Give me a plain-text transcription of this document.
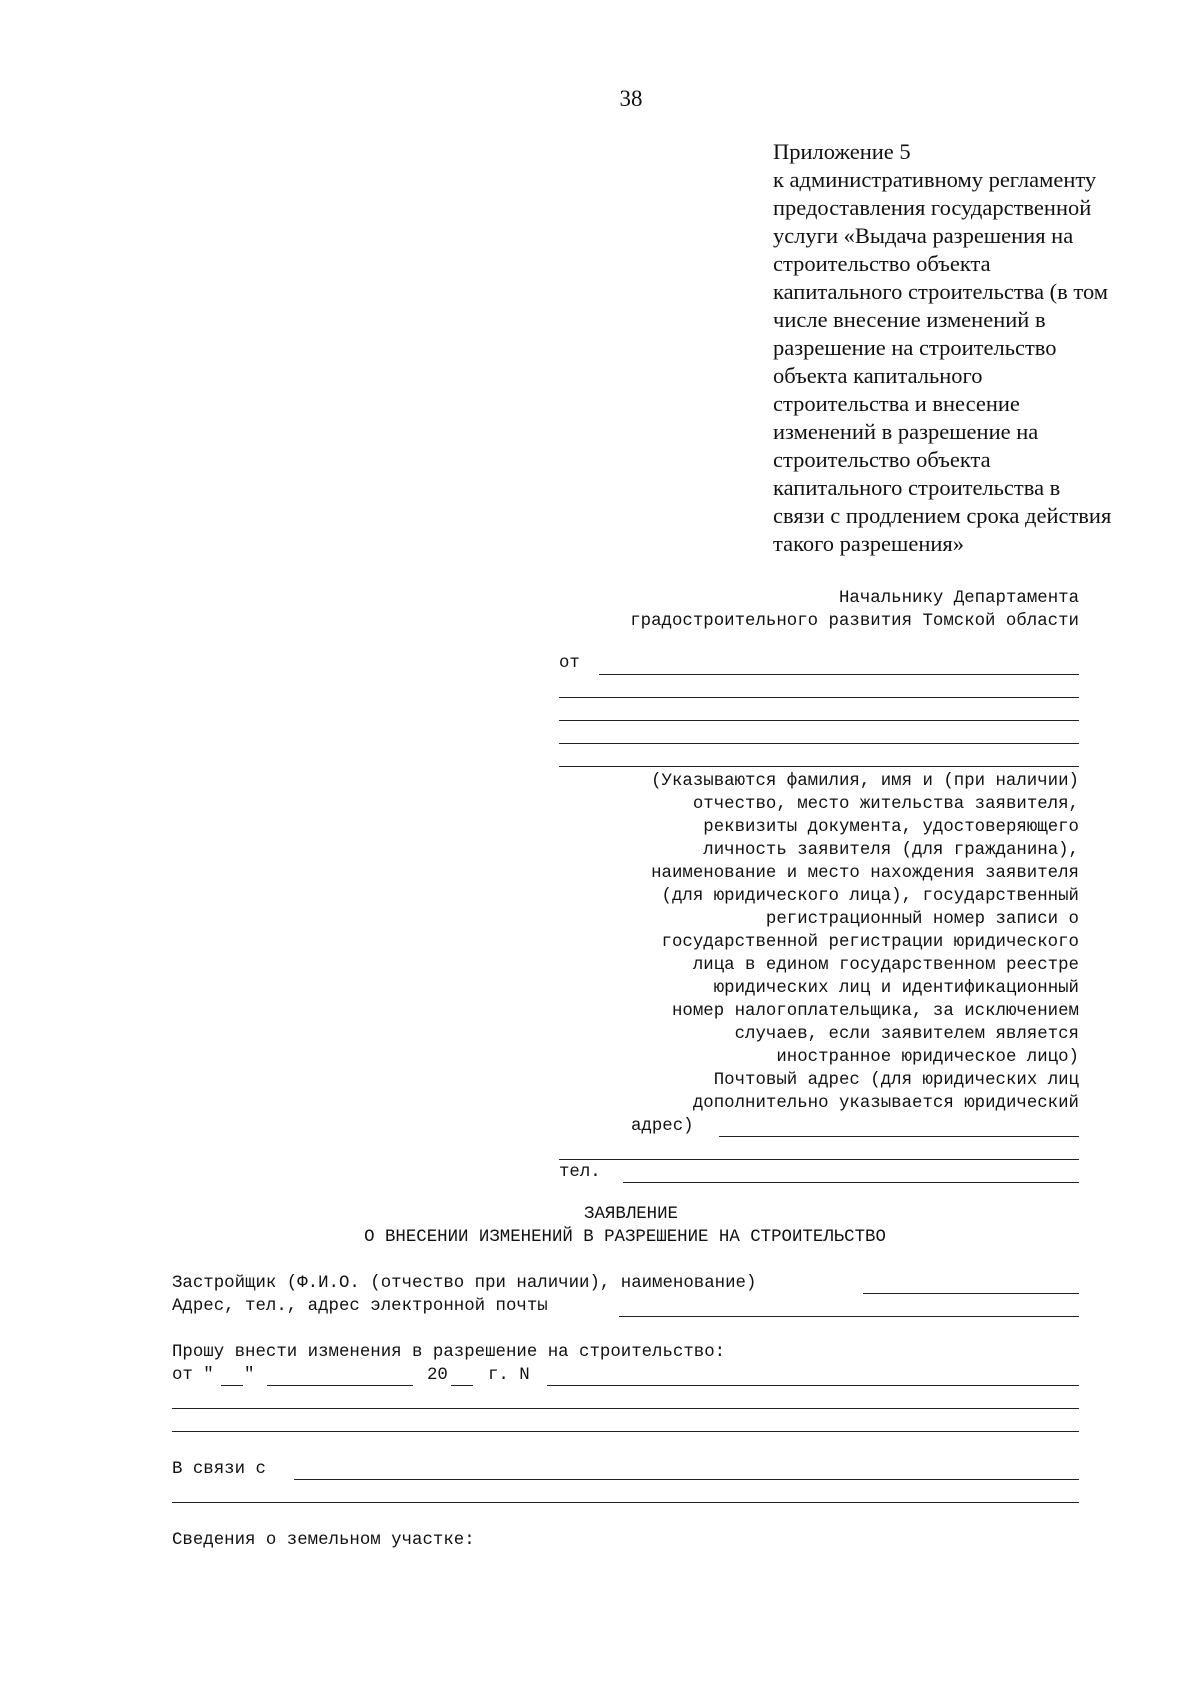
38
Приложение 5
к административному регламенту
предоставления государственной
услуги «Выдача разрешения на
строительство объекта
капитального строительства (в том
числе внесение изменений в
разрешение на строительство
объекта капитального
строительства и внесение
изменений в разрешение на
строительство объекта
капитального строительства в
связи с продлением срока действия
такого разрешения»
Начальнику Департамента
градостроительного развития Томской области

от

(Указываются фамилия, имя и (при наличии)
отчество, место жительства заявителя,
реквизиты документа, удостоверяющего
личность заявителя (для гражданина),
наименование и место нахождения заявителя
(для юридического лица), государственный
регистрационный номер записи о
государственной регистрации юридического
лица в едином государственном реестре
юридических лиц и идентификационный
номер налогоплательщика, за исключением
случаев, если заявителем является
иностранное юридическое лицо)
Почтовый адрес (для юридических лиц
дополнительно указывается юридический
адрес)
тел.
ЗАЯВЛЕНИЕ
О ВНЕСЕНИИ ИЗМЕНЕНИЙ В РАЗРЕШЕНИЕ НА СТРОИТЕЛЬСТВО
Застройщик (Ф.И.О. (отчество при наличии), наименование)
Адрес, тел., адрес электронной почты
Прошу внести изменения в разрешение на строительство:
от " "	20 г. N
В связи с
Сведения о земельном участке:
